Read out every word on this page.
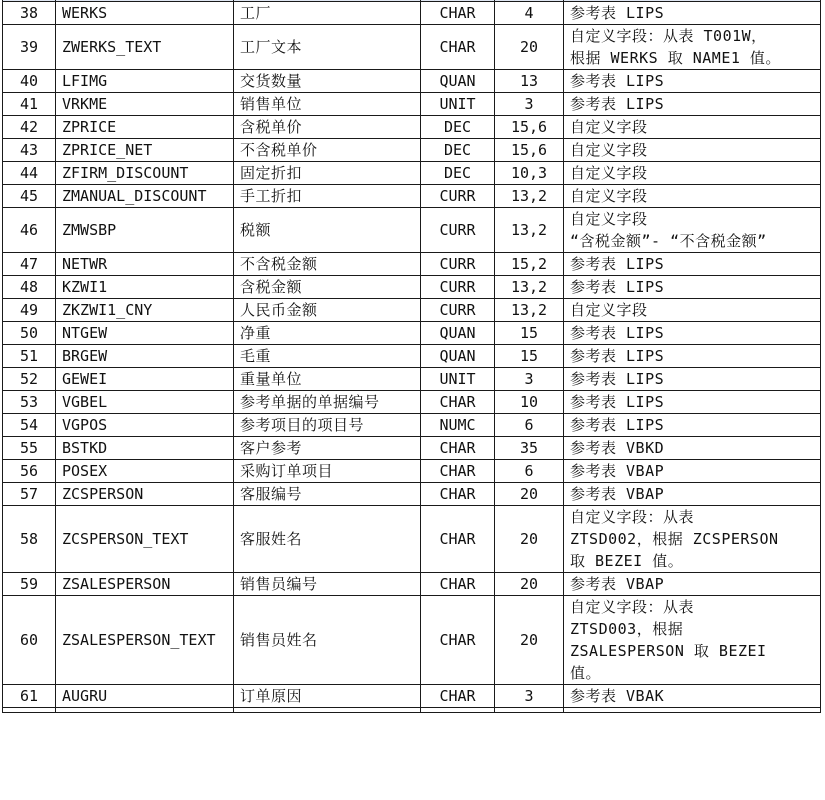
38	WERKS	工厂	CHAR	4	参考表 LIPS

39	ZWERKS_TEXT	工厂文本	CHAR	20	自定义字段：从表 T001W，
根据 WERKS 取 NAME1 值。

40	LFIMG	交货数量	QUAN	13	参考表 LIPS

41	VRKME	销售单位	UNIT	3	参考表 LIPS

42	ZPRICE	含税单价	DEC	15,6	自定义字段

43	ZPRICE_NET	不含税单价	DEC	15,6	自定义字段

44	ZFIRM_DISCOUNT	固定折扣	DEC	10,3	自定义字段

45	ZMANUAL_DISCOUNT	手工折扣	CURR	13,2	自定义字段

46	ZMWSBP	税额	CURR	13,2	自定义字段
“含税金额”- “不含税金额”

47	NETWR	不含税金额	CURR	15,2	参考表 LIPS

48	KZWI1	含税金额	CURR	13,2	参考表 LIPS

49	ZKZWI1_CNY	人民币金额	CURR	13,2	自定义字段

50	NTGEW	净重	QUAN	15	参考表 LIPS

51	BRGEW	毛重	QUAN	15	参考表 LIPS

52	GEWEI	重量单位	UNIT	3	参考表 LIPS

53	VGBEL	参考单据的单据编号	CHAR	10	参考表 LIPS

54	VGPOS	参考项目的项目号	NUMC	6	参考表 LIPS

55	BSTKD	客户参考	CHAR	35	参考表 VBKD

56	POSEX	采购订单项目	CHAR	6	参考表 VBAP

57	ZCSPERSON	客服编号	CHAR	20	参考表 VBAP

58	ZCSPERSON_TEXT	客服姓名	CHAR	20	自定义字段：从表
ZTSD002，根据 ZCSPERSON
取 BEZEI 值。

59	ZSALESPERSON	销售员编号	CHAR	20	参考表 VBAP

60	ZSALESPERSON_TEXT	销售员姓名	CHAR	20	自定义字段：从表
ZTSD003，根据
ZSALESPERSON 取 BEZEI
值。

61	AUGRU	订单原因	CHAR	3	参考表 VBAK
